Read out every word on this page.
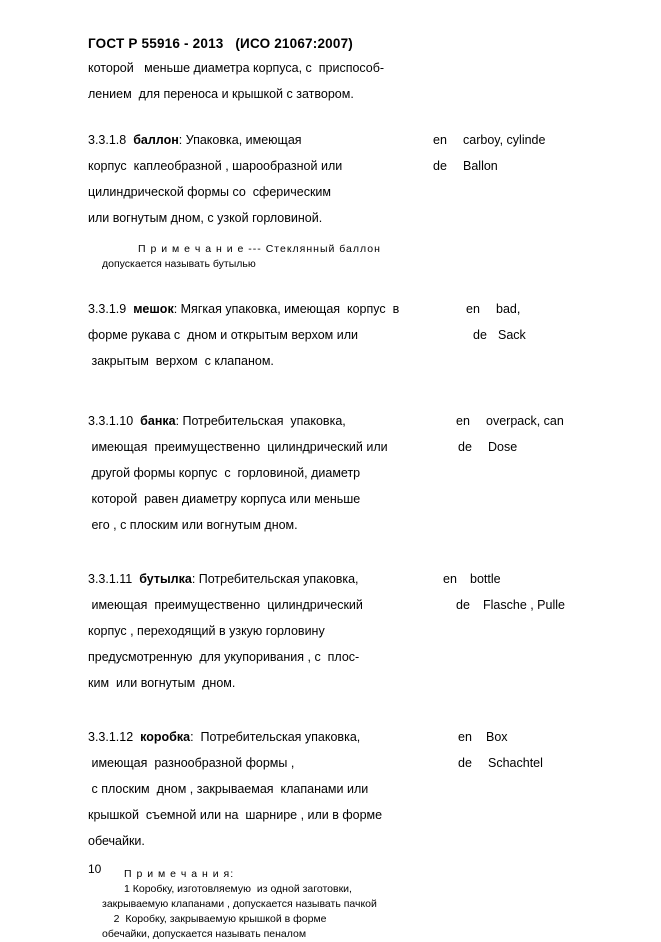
ГОСТ Р 55916 - 2013   (ИСО 21067:2007)
которой   меньше диаметра корпуса, с  приспособ-
лением  для переноса и крышкой с затвором.
3.3.1.8 баллон: Упаковка, имеющая	en carboy, cylinde
корпус  каплеобразной , шарообразной или	de Ballon
цилиндрической формы со  сферическим
или вогнутым дном, с узкой горловиной.
П р и м е ч а н и е --- Стеклянный баллон
допускается называть бутылью
3.3.1.9 мешок: Мягкая упаковка, имеющая  корпус  в	en bad,
форме рукава с  дном и открытым верхом или	de Sack
закрытым  верхом  с клапаном.
3.3.1.10 банка: Потребительская  упаковка,	en overpack, can
имеющая  преимущественно  цилиндрический или	de Dose
другой формы корпус  с  горловиной, диаметр
которой  равен диаметру корпуса или меньше
его , с плоским или вогнутым дном.
3.3.1.11 бутылка: Потребительская упаковка,	en bottle
имеющая  преимущественно  цилиндрический	de Flasche , Pulle
корпус , переходящий в узкую горловину
предусмотренную  для укупоривания , с  плос-
ким  или вогнутым  дном.
3.3.1.12 коробка:  Потребительская упаковка,	en Box
имеющая  разнообразной формы ,	de Schachtel
с плоским  дном , закрываемая  клапанами или
крышкой  съемной или на  шарнире , или в форме
обечайки.
П р и м е ч а н и я:
1 Коробку, изготовляемую  из одной заготовки,
закрываемую клапанами , допускается называть пачкой
2  Коробку, закрываемую крышкой в форме
обечайки, допускается называть пеналом
10
